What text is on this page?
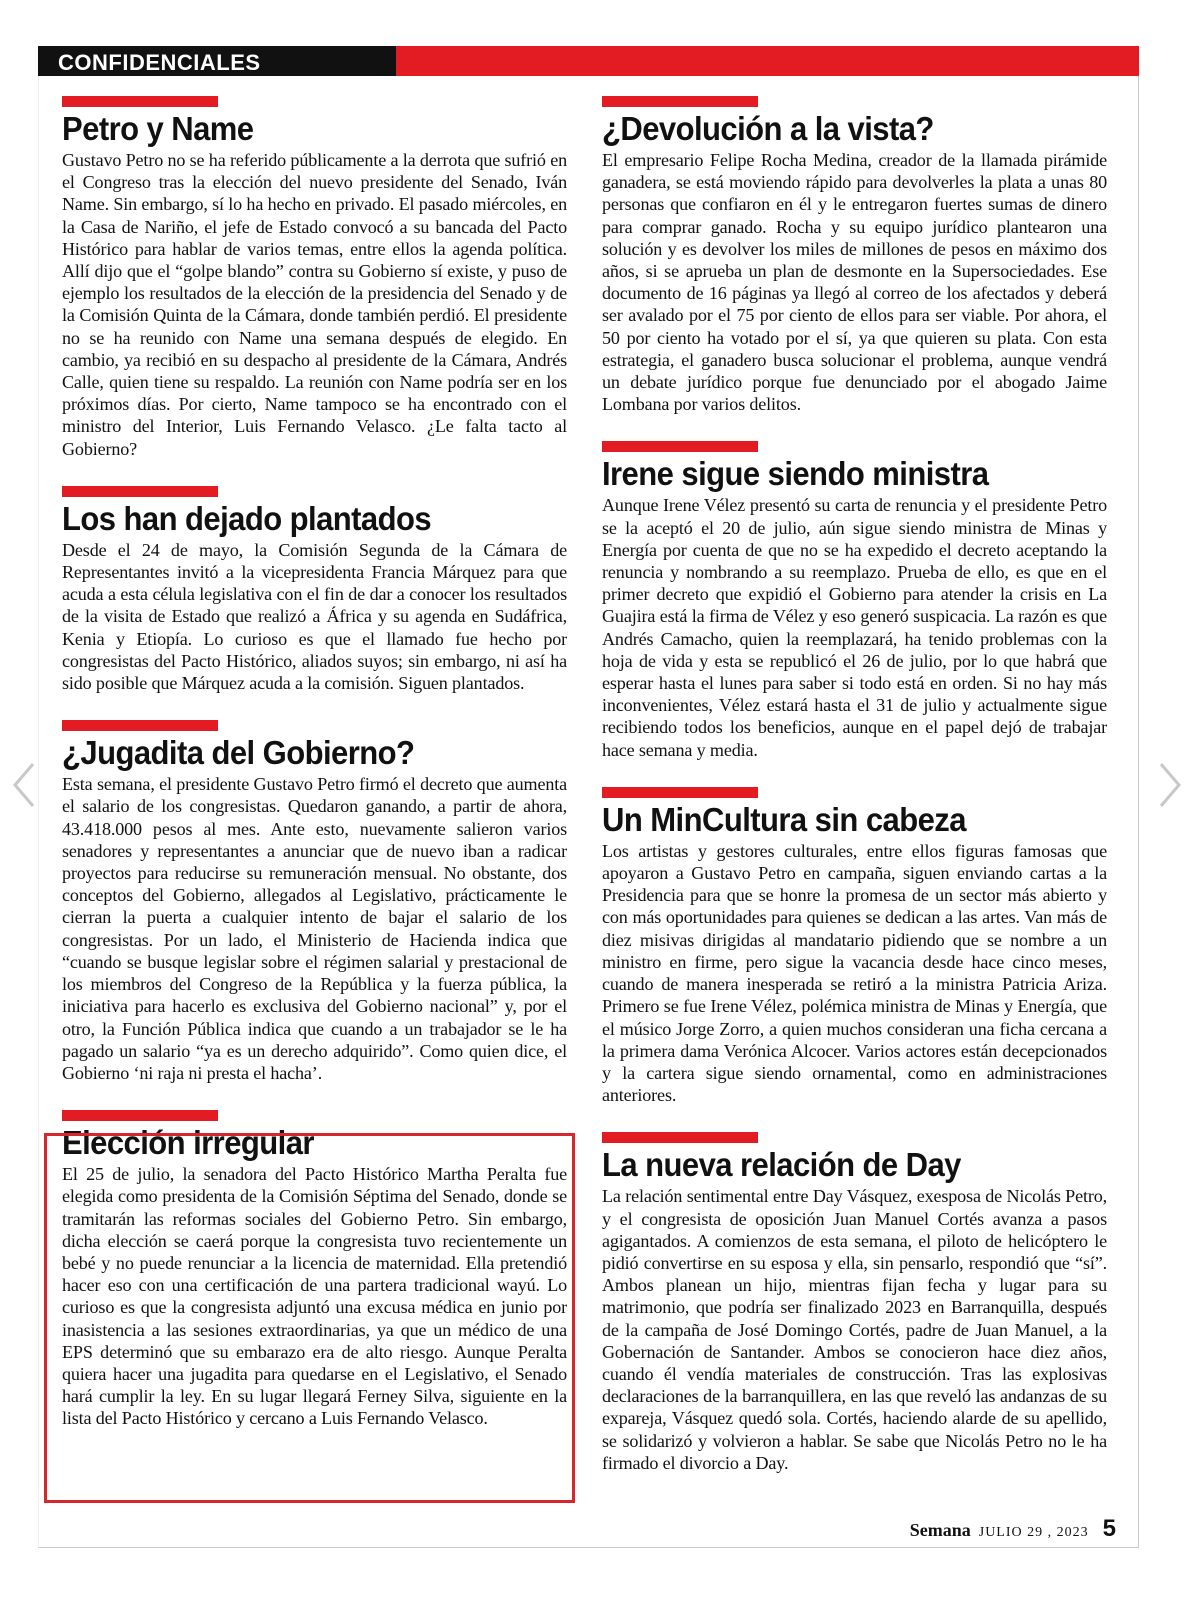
CONFIDENCIALES
Petro y Name

Gustavo Petro no se ha referido públicamente a la derrota que sufrió en el Congreso tras la elección del nuevo presidente del Senado, Iván Name. Sin embargo, sí lo ha hecho en privado. El pasado miércoles, en la Casa de Nariño, el jefe de Estado convocó a su bancada del Pacto Histórico para hablar de varios temas, entre ellos la agenda política. Allí dijo que el “golpe blando” contra su Gobierno sí existe, y puso de ejemplo los resultados de la elección de la presidencia del Senado y de la Comisión Quinta de la Cámara, donde también perdió. El presidente no se ha reunido con Name una semana después de elegido. En cambio, ya recibió en su despacho al presidente de la Cámara, Andrés Calle, quien tiene su respaldo. La reunión con Name podría ser en los próximos días. Por cierto, Name tampoco se ha encontrado con el ministro del Interior, Luis Fernando Velasco. ¿Le falta tacto al Gobierno?

Los han dejado plantados

Desde el 24 de mayo, la Comisión Segunda de la Cámara de Representantes invitó a la vicepresidenta Francia Márquez para que acuda a esta célula legislativa con el fin de dar a conocer los resultados de la visita de Estado que realizó a África y su agenda en Sudáfrica, Kenia y Etiopía. Lo curioso es que el llamado fue hecho por congresistas del Pacto Histórico, aliados suyos; sin embargo, ni así ha sido posible que Márquez acuda a la comisión. Siguen plantados.

¿Jugadita del Gobierno?

Esta semana, el presidente Gustavo Petro firmó el decreto que aumenta el salario de los congresistas. Quedaron ganando, a partir de ahora, 43.418.000 pesos al mes. Ante esto, nuevamente salieron varios senadores y representantes a anunciar que de nuevo iban a radicar proyectos para reducirse su remuneración mensual. No obstante, dos conceptos del Gobierno, allegados al Legislativo, prácticamente le cierran la puerta a cualquier intento de bajar el salario de los congresistas. Por un lado, el Ministerio de Hacienda indica que “cuando se busque legislar sobre el régimen salarial y prestacional de los miembros del Congreso de la República y la fuerza pública, la iniciativa para hacerlo es exclusiva del Gobierno nacional” y, por el otro, la Función Pública indica que cuando a un trabajador se le ha pagado un salario “ya es un derecho adquirido”. Como quien dice, el Gobierno ‘ni raja ni presta el hacha’.

Elección irregular

El 25 de julio, la senadora del Pacto Histórico Martha Peralta fue elegida como presidenta de la Comisión Séptima del Senado, donde se tramitarán las reformas sociales del Gobierno Petro. Sin embargo, dicha elección se caerá porque la congresista tuvo recientemente un bebé y no puede renunciar a la licencia de maternidad. Ella pretendió hacer eso con una certificación de una partera tradicional wayú. Lo curioso es que la congresista adjuntó una excusa médica en junio por inasistencia a las sesiones extraordinarias, ya que un médico de una EPS determinó que su embarazo era de alto riesgo. Aunque Peralta quiera hacer una jugadita para quedarse en el Legislativo, el Senado hará cumplir la ley. En su lugar llegará Ferney Silva, siguiente en la lista del Pacto Histórico y cercano a Luis Fernando Velasco.

¿Devolución a la vista?

El empresario Felipe Rocha Medina, creador de la llamada pirámide ganadera, se está moviendo rápido para devolverles la plata a unas 80 personas que confiaron en él y le entregaron fuertes sumas de dinero para comprar ganado. Rocha y su equipo jurídico plantearon una solución y es devolver los miles de millones de pesos en máximo dos años, si se aprueba un plan de desmonte en la Supersociedades. Ese documento de 16 páginas ya llegó al correo de los afectados y deberá ser avalado por el 75 por ciento de ellos para ser viable. Por ahora, el 50 por ciento ha votado por el sí, ya que quieren su plata. Con esta estrategia, el ganadero busca solucionar el problema, aunque vendrá un debate jurídico porque fue denunciado por el abogado Jaime Lombana por varios delitos.

Irene sigue siendo ministra

Aunque Irene Vélez presentó su carta de renuncia y el presidente Petro se la aceptó el 20 de julio, aún sigue siendo ministra de Minas y Energía por cuenta de que no se ha expedido el decreto aceptando la renuncia y nombrando a su reemplazo. Prueba de ello, es que en el primer decreto que expidió el Gobierno para atender la crisis en La Guajira está la firma de Vélez y eso generó suspicacia. La razón es que Andrés Camacho, quien la reemplazará, ha tenido problemas con la hoja de vida y esta se republicó el 26 de julio, por lo que habrá que esperar hasta el lunes para saber si todo está en orden. Si no hay más inconvenientes, Vélez estará hasta el 31 de julio y actualmente sigue recibiendo todos los beneficios, aunque en el papel dejó de trabajar hace semana y media.

Un MinCultura sin cabeza

Los artistas y gestores culturales, entre ellos figuras famosas que apoyaron a Gustavo Petro en campaña, siguen enviando cartas a la Presidencia para que se honre la promesa de un sector más abierto y con más oportunidades para quienes se dedican a las artes. Van más de diez misivas dirigidas al mandatario pidiendo que se nombre a un ministro en firme, pero sigue la vacancia desde hace cinco meses, cuando de manera inesperada se retiró a la ministra Patricia Ariza. Primero se fue Irene Vélez, polémica ministra de Minas y Energía, que el músico Jorge Zorro, a quien muchos consideran una ficha cercana a la primera dama Verónica Alcocer. Varios actores están decepcionados y la cartera sigue siendo ornamental, como en administraciones anteriores.

La nueva relación de Day

La relación sentimental entre Day Vásquez, exesposa de Nicolás Petro, y el congresista de oposición Juan Manuel Cortés avanza a pasos agigantados. A comienzos de esta semana, el piloto de helicóptero le pidió convertirse en su esposa y ella, sin pensarlo, respondió que “sí”. Ambos planean un hijo, mientras fijan fecha y lugar para su matrimonio, que podría ser finalizado 2023 en Barranquilla, después de la campaña de José Domingo Cortés, padre de Juan Manuel, a la Gobernación de Santander. Ambos se conocieron hace diez años, cuando él vendía materiales de construcción. Tras las explosivas declaraciones de la barranquillera, en las que reveló las andanzas de su expareja, Vásquez quedó sola. Cortés, haciendo alarde de su apellido, se solidarizó y volvieron a hablar. Se sabe que Nicolás Petro no le ha firmado el divorcio a Day.

Semana JULIO 29 , 2023 5
